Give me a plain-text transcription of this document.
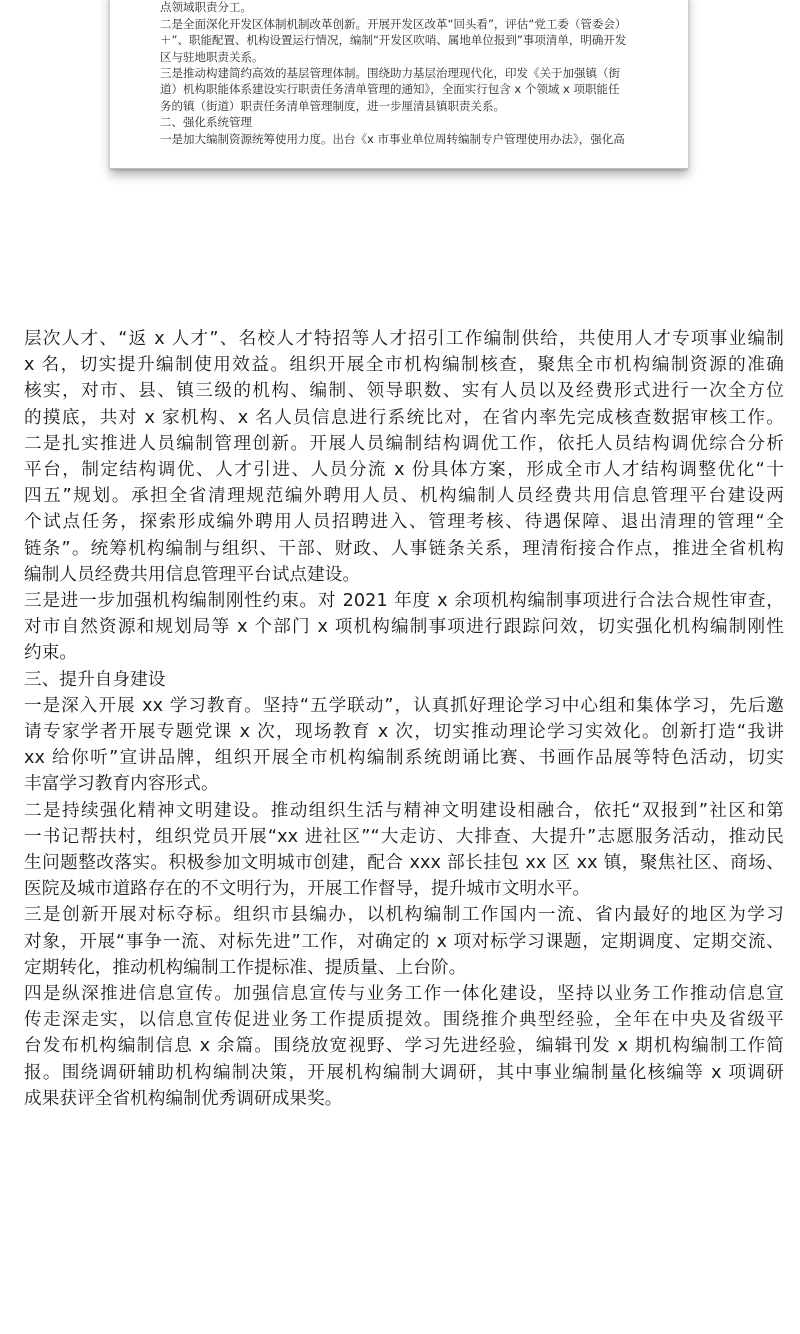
点领域职责分工。

二是全面深化开发区体制机制改革创新。开展开发区改革“回头看”，评估“党工委（管委会）

＋”、职能配置、机构设置运行情况，编制“开发区吹哨、属地单位报到”事项清单，明确开发

区与驻地职责关系。

三是推动构建简约高效的基层管理体制。围绕助力基层治理现代化，印发《关于加强镇（街

道）机构职能体系建设实行职责任务清单管理的通知》，全面实行包含 x 个领域 x 项职能任

务的镇（街道）职责任务清单管理制度，进一步厘清县镇职责关系。

二、强化系统管理

一是加大编制资源统筹使用力度。出台《x 市事业单位周转编制专户管理使用办法》，强化高

层次人才、“返 x 人才”、名校人才特招等人才招引工作编制供给，共使用人才专项事业编制

x 名，切实提升编制使用效益。组织开展全市机构编制核查，聚焦全市机构编制资源的准确

核实，对市、县、镇三级的机构、编制、领导职数、实有人员以及经费形式进行一次全方位

的摸底，共对 x 家机构、x 名人员信息进行系统比对，在省内率先完成核查数据审核工作。

二是扎实推进人员编制管理创新。开展人员编制结构调优工作，依托人员结构调优综合分析

平台，制定结构调优、人才引进、人员分流 x 份具体方案，形成全市人才结构调整优化“十

四五”规划。承担全省清理规范编外聘用人员、机构编制人员经费共用信息管理平台建设两

个试点任务，探索形成编外聘用人员招聘进入、管理考核、待遇保障、退出清理的管理“全

链条”。统筹机构编制与组织、干部、财政、人事链条关系，理清衔接合作点，推进全省机构

编制人员经费共用信息管理平台试点建设。

三是进一步加强机构编制刚性约束。对 2021 年度 x 余项机构编制事项进行合法合规性审查，

对市自然资源和规划局等 x 个部门 x 项机构编制事项进行跟踪问效，切实强化机构编制刚性

约束。

三、提升自身建设

一是深入开展 xx 学习教育。坚持“五学联动”，认真抓好理论学习中心组和集体学习，先后邀

请专家学者开展专题党课 x 次，现场教育 x 次，切实推动理论学习实效化。创新打造“我讲

xx 给你听”宣讲品牌，组织开展全市机构编制系统朗诵比赛、书画作品展等特色活动，切实

丰富学习教育内容形式。

二是持续强化精神文明建设。推动组织生活与精神文明建设相融合，依托“双报到”社区和第

一书记帮扶村，组织党员开展“xx 进社区”“大走访、大排查、大提升”志愿服务活动，推动民

生问题整改落实。积极参加文明城市创建，配合 xxx 部长挂包 xx 区 xx 镇，聚焦社区、商场、

医院及城市道路存在的不文明行为，开展工作督导，提升城市文明水平。

三是创新开展对标夺标。组织市县编办，以机构编制工作国内一流、省内最好的地区为学习

对象，开展“事争一流、对标先进”工作，对确定的 x 项对标学习课题，定期调度、定期交流、

定期转化，推动机构编制工作提标准、提质量、上台阶。

四是纵深推进信息宣传。加强信息宣传与业务工作一体化建设，坚持以业务工作推动信息宣

传走深走实，以信息宣传促进业务工作提质提效。围绕推介典型经验，全年在中央及省级平

台发布机构编制信息 x 余篇。围绕放宽视野、学习先进经验，编辑刊发 x 期机构编制工作简

报。围绕调研辅助机构编制决策，开展机构编制大调研，其中事业编制量化核编等 x 项调研

成果获评全省机构编制优秀调研成果奖。
